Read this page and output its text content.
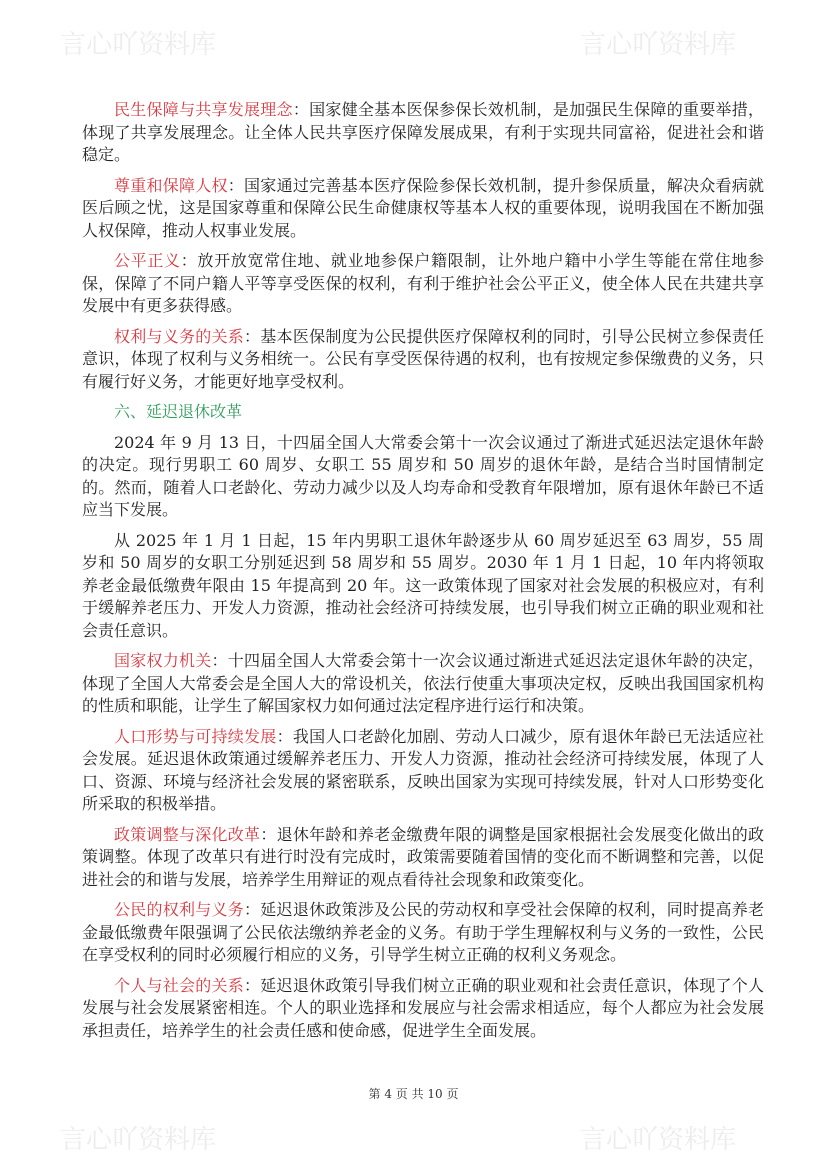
言心吖资料库	言心吖资料库
言心吖资料库	言心吖资料库

民生保障与共享发展理念：国家健全基本医保参保长效机制，是加强民生保障的重要举措，体现了共享发展理念。让全体人民共享医疗保障发展成果，有利于实现共同富裕，促进社会和谐稳定。

尊重和保障人权：国家通过完善基本医疗保险参保长效机制，提升参保质量，解决众看病就医后顾之忧，这是国家尊重和保障公民生命健康权等基本人权的重要体现，说明我国在不断加强人权保障，推动人权事业发展。

公平正义：放开放宽常住地、就业地参保户籍限制，让外地户籍中小学生等能在常住地参保，保障了不同户籍人平等享受医保的权利，有利于维护社会公平正义，使全体人民在共建共享发展中有更多获得感。

权利与义务的关系：基本医保制度为公民提供医疗保障权利的同时，引导公民树立参保责任意识，体现了权利与义务相统一。公民有享受医保待遇的权利，也有按规定参保缴费的义务，只有履行好义务，才能更好地享受权利。

六、延迟退休改革

2024 年 9 月 13 日，十四届全国人大常委会第十一次会议通过了渐进式延迟法定退休年龄的决定。现行男职工 60 周岁、女职工 55 周岁和 50 周岁的退休年龄，是结合当时国情制定的。然而，随着人口老龄化、劳动力减少以及人均寿命和受教育年限增加，原有退休年龄已不适应当下发展。

从 2025 年 1 月 1 日起，15 年内男职工退休年龄逐步从 60 周岁延迟至 63 周岁，55 周岁和 50 周岁的女职工分别延迟到 58 周岁和 55 周岁。2030 年 1 月 1 日起，10 年内将领取养老金最低缴费年限由 15 年提高到 20 年。这一政策体现了国家对社会发展的积极应对，有利于缓解养老压力、开发人力资源，推动社会经济可持续发展，也引导我们树立正确的职业观和社会责任意识。

国家权力机关：十四届全国人大常委会第十一次会议通过渐进式延迟法定退休年龄的决定，体现了全国人大常委会是全国人大的常设机关，依法行使重大事项决定权，反映出我国国家机构的性质和职能，让学生了解国家权力如何通过法定程序进行运行和决策。

人口形势与可持续发展：我国人口老龄化加剧、劳动人口减少，原有退休年龄已无法适应社会发展。延迟退休政策通过缓解养老压力、开发人力资源，推动社会经济可持续发展，体现了人口、资源、环境与经济社会发展的紧密联系，反映出国家为实现可持续发展，针对人口形势变化所采取的积极举措。

政策调整与深化改革：退休年龄和养老金缴费年限的调整是国家根据社会发展变化做出的政策调整。体现了改革只有进行时没有完成时，政策需要随着国情的变化而不断调整和完善，以促进社会的和谐与发展，培养学生用辩证的观点看待社会现象和政策变化。

公民的权利与义务：延迟退休政策涉及公民的劳动权和享受社会保障的权利，同时提高养老金最低缴费年限强调了公民依法缴纳养老金的义务。有助于学生理解权利与义务的一致性，公民在享受权利的同时必须履行相应的义务，引导学生树立正确的权利义务观念。

个人与社会的关系：延迟退休政策引导我们树立正确的职业观和社会责任意识，体现了个人发展与社会发展紧密相连。个人的职业选择和发展应与社会需求相适应，每个人都应为社会发展承担责任，培养学生的社会责任感和使命感，促进学生全面发展。

第 4 页 共 10 页
